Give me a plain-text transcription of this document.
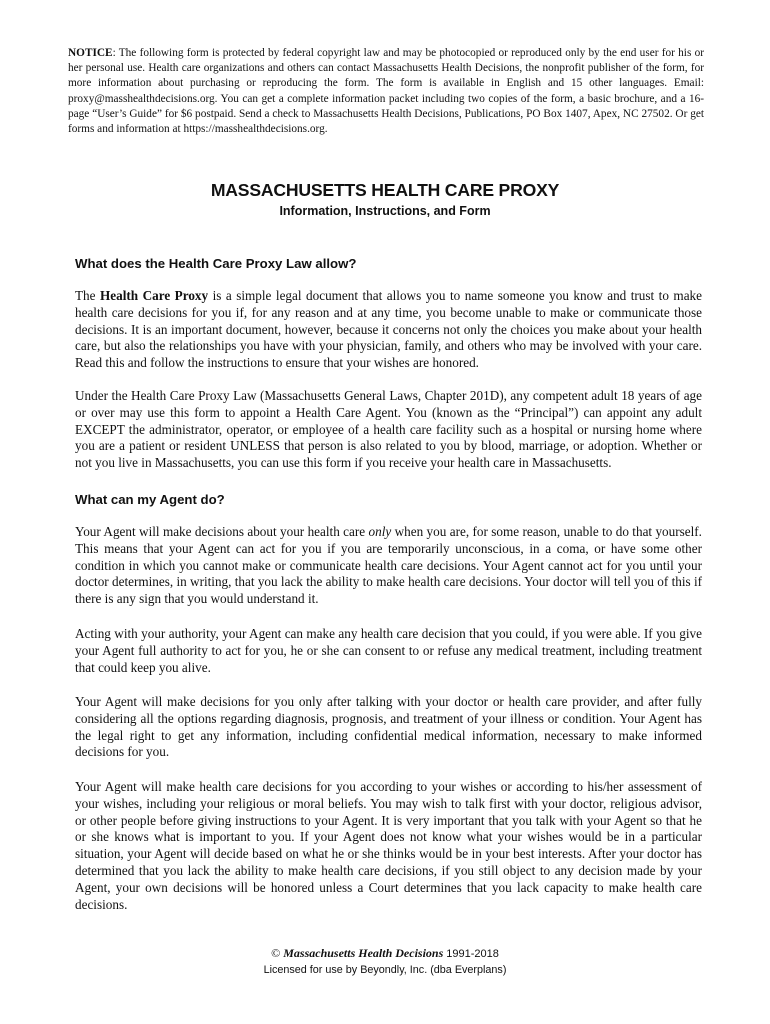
NOTICE: The following form is protected by federal copyright law and may be photocopied or reproduced only by the end user for his or her personal use. Health care organizations and others can contact Massachusetts Health Decisions, the nonprofit publisher of the form, for more information about purchasing or reproducing the form. The form is available in English and 15 other languages. Email: proxy@masshealthdecisions.org. You can get a complete information packet including two copies of the form, a basic brochure, and a 16-page “User’s Guide” for $6 postpaid. Send a check to Massachusetts Health Decisions, Publications, PO Box 1407, Apex, NC 27502. Or get forms and information at https://masshealthdecisions.org.
MASSACHUSETTS HEALTH CARE PROXY
Information, Instructions, and Form
What does the Health Care Proxy Law allow?
The Health Care Proxy is a simple legal document that allows you to name someone you know and trust to make health care decisions for you if, for any reason and at any time, you become unable to make or communicate those decisions. It is an important document, however, because it concerns not only the choices you make about your health care, but also the relationships you have with your physician, family, and others who may be involved with your care. Read this and follow the instructions to ensure that your wishes are honored.
Under the Health Care Proxy Law (Massachusetts General Laws, Chapter 201D), any competent adult 18 years of age or over may use this form to appoint a Health Care Agent. You (known as the “Principal”) can appoint any adult EXCEPT the administrator, operator, or employee of a health care facility such as a hospital or nursing home where you are a patient or resident UNLESS that person is also related to you by blood, marriage, or adoption. Whether or not you live in Massachusetts, you can use this form if you receive your health care in Massachusetts.
What can my Agent do?
Your Agent will make decisions about your health care only when you are, for some reason, unable to do that yourself. This means that your Agent can act for you if you are temporarily unconscious, in a coma, or have some other condition in which you cannot make or communicate health care decisions. Your Agent cannot act for you until your doctor determines, in writing, that you lack the ability to make health care decisions. Your doctor will tell you of this if there is any sign that you would understand it.
Acting with your authority, your Agent can make any health care decision that you could, if you were able. If you give your Agent full authority to act for you, he or she can consent to or refuse any medical treatment, including treatment that could keep you alive.
Your Agent will make decisions for you only after talking with your doctor or health care provider, and after fully considering all the options regarding diagnosis, prognosis, and treatment of your illness or condition. Your Agent has the legal right to get any information, including confidential medical information, necessary to make informed decisions for you.
Your Agent will make health care decisions for you according to your wishes or according to his/her assessment of your wishes, including your religious or moral beliefs. You may wish to talk first with your doctor, religious advisor, or other people before giving instructions to your Agent. It is very important that you talk with your Agent so that he or she knows what is important to you. If your Agent does not know what your wishes would be in a particular situation, your Agent will decide based on what he or she thinks would be in your best interests. After your doctor has determined that you lack the ability to make health care decisions, if you still object to any decision made by your Agent, your own decisions will be honored unless a Court determines that you lack capacity to make health care decisions.
© Massachusetts Health Decisions 1991-2018
Licensed for use by Beyondly, Inc. (dba Everplans)
